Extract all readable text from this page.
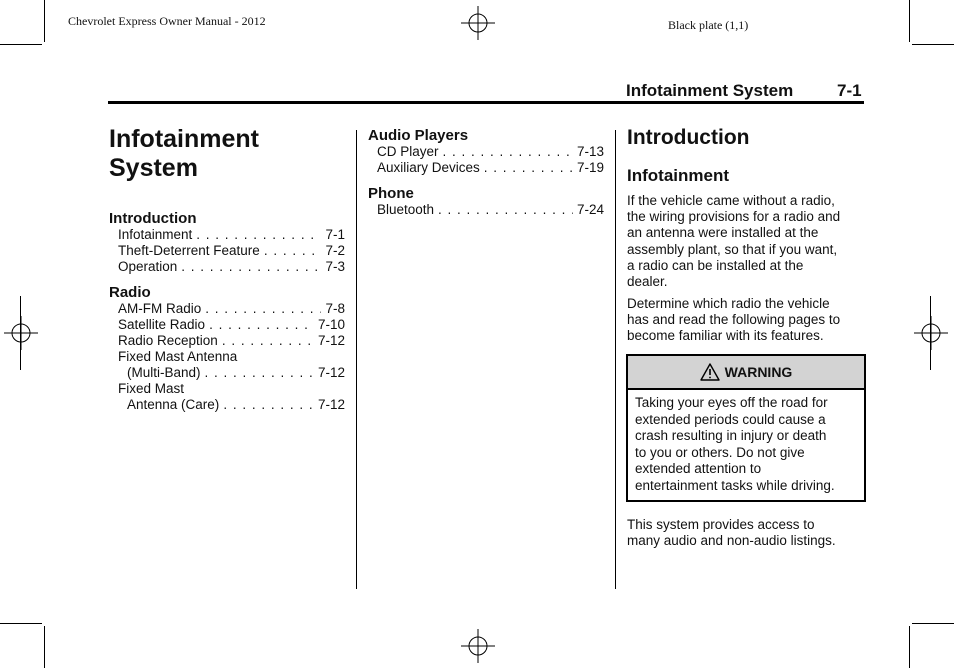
Chevrolet Express Owner Manual - 2012	Black plate (1,1)
Infotainment System	7-1
Infotainment
System
Introduction
Infotainment . . .	7-1
Theft-Deterrent Feature . . .	7-2
Operation . . .	7-3
Radio
AM-FM Radio . . .	7-8
Satellite Radio . . .	7-10
Radio Reception . . .	7-12
Fixed Mast Antenna
(Multi-Band) . . .	7-12
Fixed Mast
Antenna (Care) . . .	7-12
Audio Players
CD Player . . .	7-13
Auxiliary Devices . . .	7-19
Phone
Bluetooth . . .	7-24
Introduction
Infotainment
If the vehicle came without a radio,
the wiring provisions for a radio and
an antenna were installed at the
assembly plant, so that if you want,
a radio can be installed at the
dealer.
Determine which radio the vehicle
has and read the following pages to
become familiar with its features.
WARNING
Taking your eyes off the road for
extended periods could cause a
crash resulting in injury or death
to you or others. Do not give
extended attention to
entertainment tasks while driving.
This system provides access to
many audio and non-audio listings.
